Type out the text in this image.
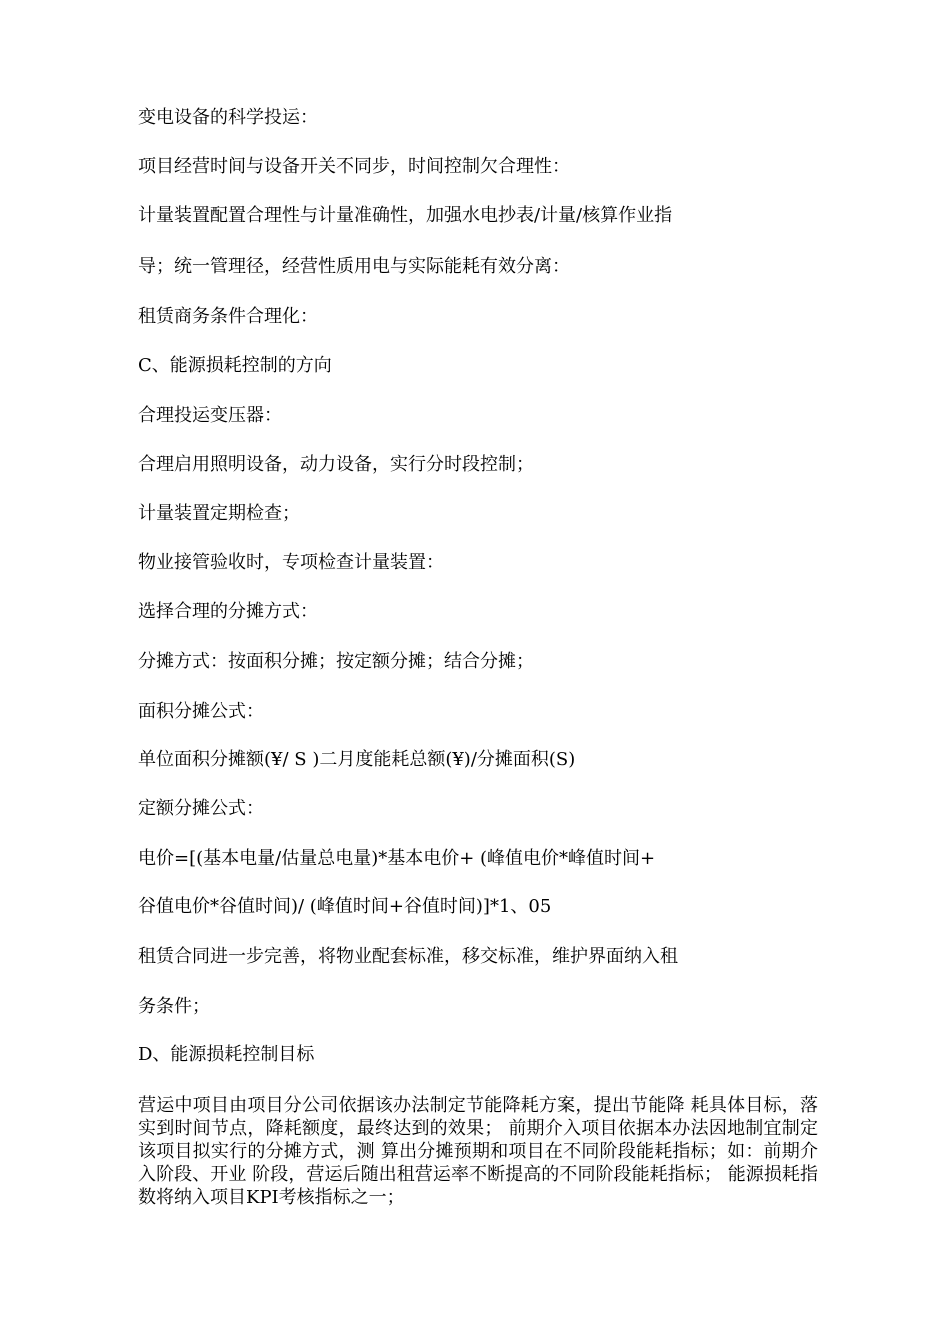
变电设备的科学投运：
项目经营时间与设备开关不同步，时间控制欠合理性：
计量装置配置合理性与计量准确性，加强水电抄表/计量/核算作业指
导；统一管理径，经营性质用电与实际能耗有效分离：
租赁商务条件合理化：
C、能源损耗控制的方向
合理投运变压器：
合理启用照明设备，动力设备，实行分时段控制；
计量装置定期检查；
物业接管验收时，专项检查计量装置：
选择合理的分摊方式：
分摊方式：按面积分摊；按定额分摊；结合分摊；
面积分摊公式：
单位面积分摊额(¥/ S )二月度能耗总额(¥)/分摊面积(S)
定额分摊公式：
电价=[(基本电量/估量总电量)*基本电价+ (峰值电价*峰值时间+
谷值电价*谷值时间)/ (峰值时间+谷值时间)]*1、05
租赁合同进一步完善，将物业配套标准，移交标准，维护界面纳入租
务条件；
D、能源损耗控制目标
营运中项目由项目分公司依据该办法制定节能降耗方案，提出节能降 耗具体目标，落实到时间节点，降耗额度，最终达到的效果； 前期介入项目依据本办法因地制宜制定该项目拟实行的分摊方式，测 算出分摊预期和项目在不同阶段能耗指标；如：前期介入阶段、开业 阶段，营运后随出租营运率不断提高的不同阶段能耗指标； 能源损耗指数将纳入项目KPI考核指标之一；
